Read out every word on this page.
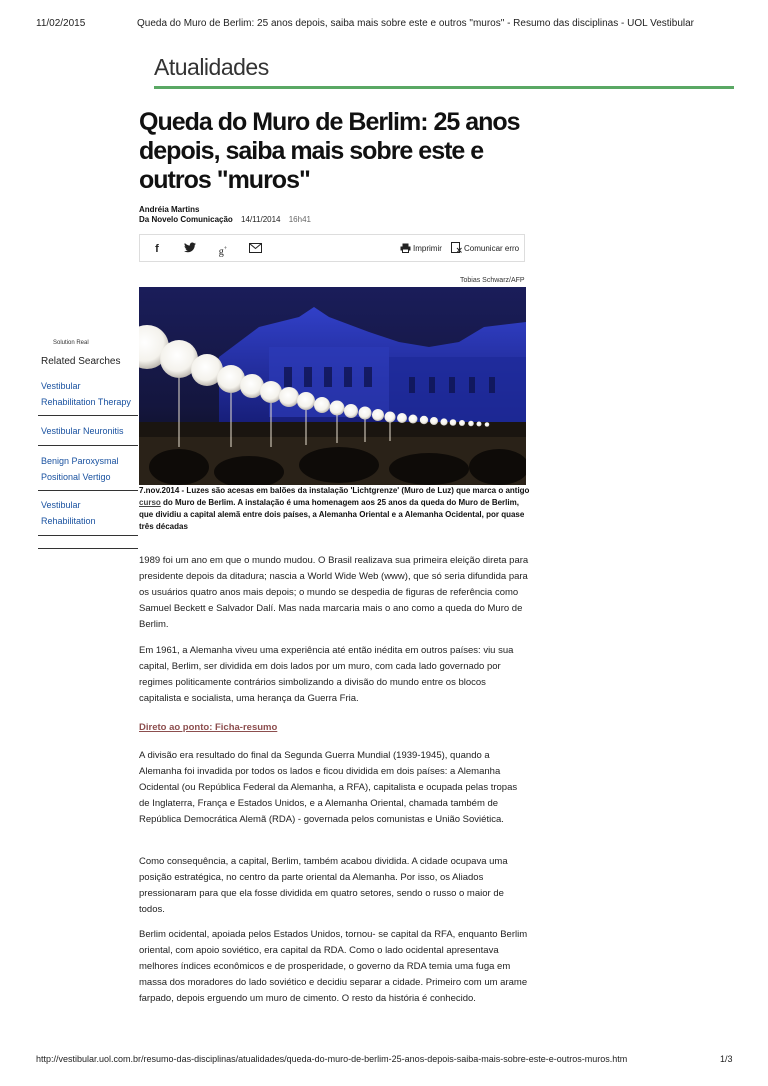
11/02/2015	Queda do Muro de Berlim: 25 anos depois, saiba mais sobre este e outros "muros" - Resumo das disciplinas - UOL Vestibular
Atualidades
Queda do Muro de Berlim: 25 anos depois, saiba mais sobre este e outros "muros"
Andréia Martins
Da Novelo Comunicação 14/11/2014 16h41
f	g+	Imprimir	Comunicar erro
Tobias Schwarz/AFP
7.nov.2014 - Luzes são acesas em balões da instalação 'Lichtgrenze' (Muro de Luz) que marca o antigo curso do Muro de Berlim. A instalação é uma homenagem aos 25 anos da queda do Muro de Berlim, que dividiu a capital alemã entre dois países, a Alemanha Oriental e a Alemanha Ocidental, por quase três décadas
Solution Real
Related Searches
Vestibular Rehabilitation Therapy
Vestibular Neuronitis
Benign Paroxysmal Positional Vertigo
Vestibular Rehabilitation
1989 foi um ano em que o mundo mudou. O Brasil realizava sua primeira eleição direta para presidente depois da ditadura; nascia a World Wide Web (www), que só seria difundida para os usuários quatro anos mais depois; o mundo se despedia de figuras de referência como Samuel Beckett e Salvador Dalí. Mas nada marcaria mais o ano como a queda do Muro de Berlim.
Em 1961, a Alemanha viveu uma experiência até então inédita em outros países: viu sua capital, Berlim, ser dividida em dois lados por um muro, com cada lado governado por regimes politicamente contrários simbolizando a divisão do mundo entre os blocos capitalista e socialista, uma herança da Guerra Fria.
Direto ao ponto: Ficha-resumo
A divisão era resultado do final da Segunda Guerra Mundial (1939-1945), quando a Alemanha foi invadida por todos os lados e ficou dividida em dois países: a Alemanha Ocidental (ou República Federal da Alemanha, a RFA), capitalista e ocupada pelas tropas de Inglaterra, França e Estados Unidos, e a Alemanha Oriental, chamada também de República Democrática Alemã (RDA) - governada pelos comunistas e União Soviética.
Como consequência, a capital, Berlim, também acabou dividida. A cidade ocupava uma posição estratégica, no centro da parte oriental da Alemanha. Por isso, os Aliados pressionaram para que ela fosse dividida em quatro setores, sendo o russo o maior de todos.
Berlim ocidental, apoiada pelos Estados Unidos, tornou- se capital da RFA, enquanto Berlim oriental, com apoio soviético, era capital da RDA. Como o lado ocidental apresentava melhores índices econômicos e de prosperidade, o governo da RDA temia uma fuga em massa dos moradores do lado soviético e decidiu separar a cidade. Primeiro com um arame farpado, depois erguendo um muro de cimento. O resto da história é conhecido.
http://vestibular.uol.com.br/resumo-das-disciplinas/atualidades/queda-do-muro-de-berlim-25-anos-depois-saiba-mais-sobre-este-e-outros-muros.htm	1/3
